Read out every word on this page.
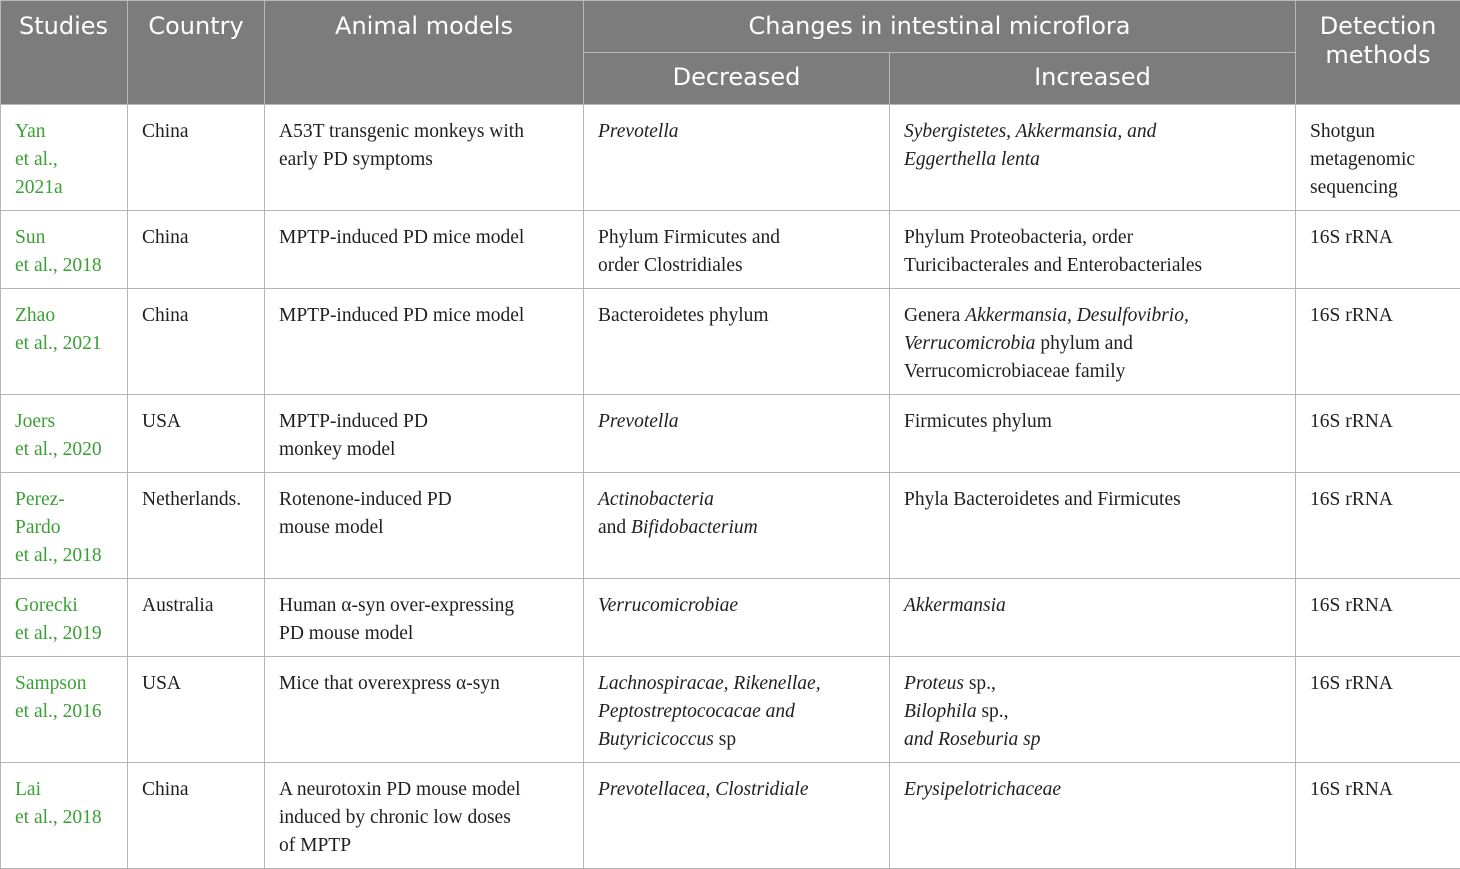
Studies	Country	Animal models	Changes in intestinal microflora		Detection
methods
			Decreased	Increased	
Yan
et al.,
2021a	China	A53T transgenic monkeys with
early PD symptoms	Prevotella	Sybergistetes, Akkermansia, and
Eggerthella lenta	Shotgun
metagenomic
sequencing
Sun
et al., 2018	China	MPTP-induced PD mice model	Phylum Firmicutes and
order Clostridiales	Phylum Proteobacteria, order
Turicibacterales and Enterobacteriales	16S rRNA
Zhao
et al., 2021	China	MPTP-induced PD mice model	Bacteroidetes phylum	Genera Akkermansia, Desulfovibrio,
Verrucomicrobia phylum and
Verrucomicrobiaceae family	16S rRNA
Joers
et al., 2020	USA	MPTP-induced PD
monkey model	Prevotella	Firmicutes phylum	16S rRNA
Perez-
Pardo
et al., 2018	Netherlands.	Rotenone-induced PD
mouse model	Actinobacteria
and Bifidobacterium	Phyla Bacteroidetes and Firmicutes	16S rRNA
Gorecki
et al., 2019	Australia	Human α-syn over-expressing
PD mouse model	Verrucomicrobiae	Akkermansia	16S rRNA
Sampson
et al., 2016	USA	Mice that overexpress α-syn	Lachnospiracae, Rikenellae,
Peptostreptococacae and
Butyricicoccus sp	Proteus sp.,
Bilophila sp.,
and Roseburia sp	16S rRNA
Lai
et al., 2018	China	A neurotoxin PD mouse model
induced by chronic low doses
of MPTP	Prevotellacea, Clostridiale	Erysipelotrichaceae	16S rRNA
